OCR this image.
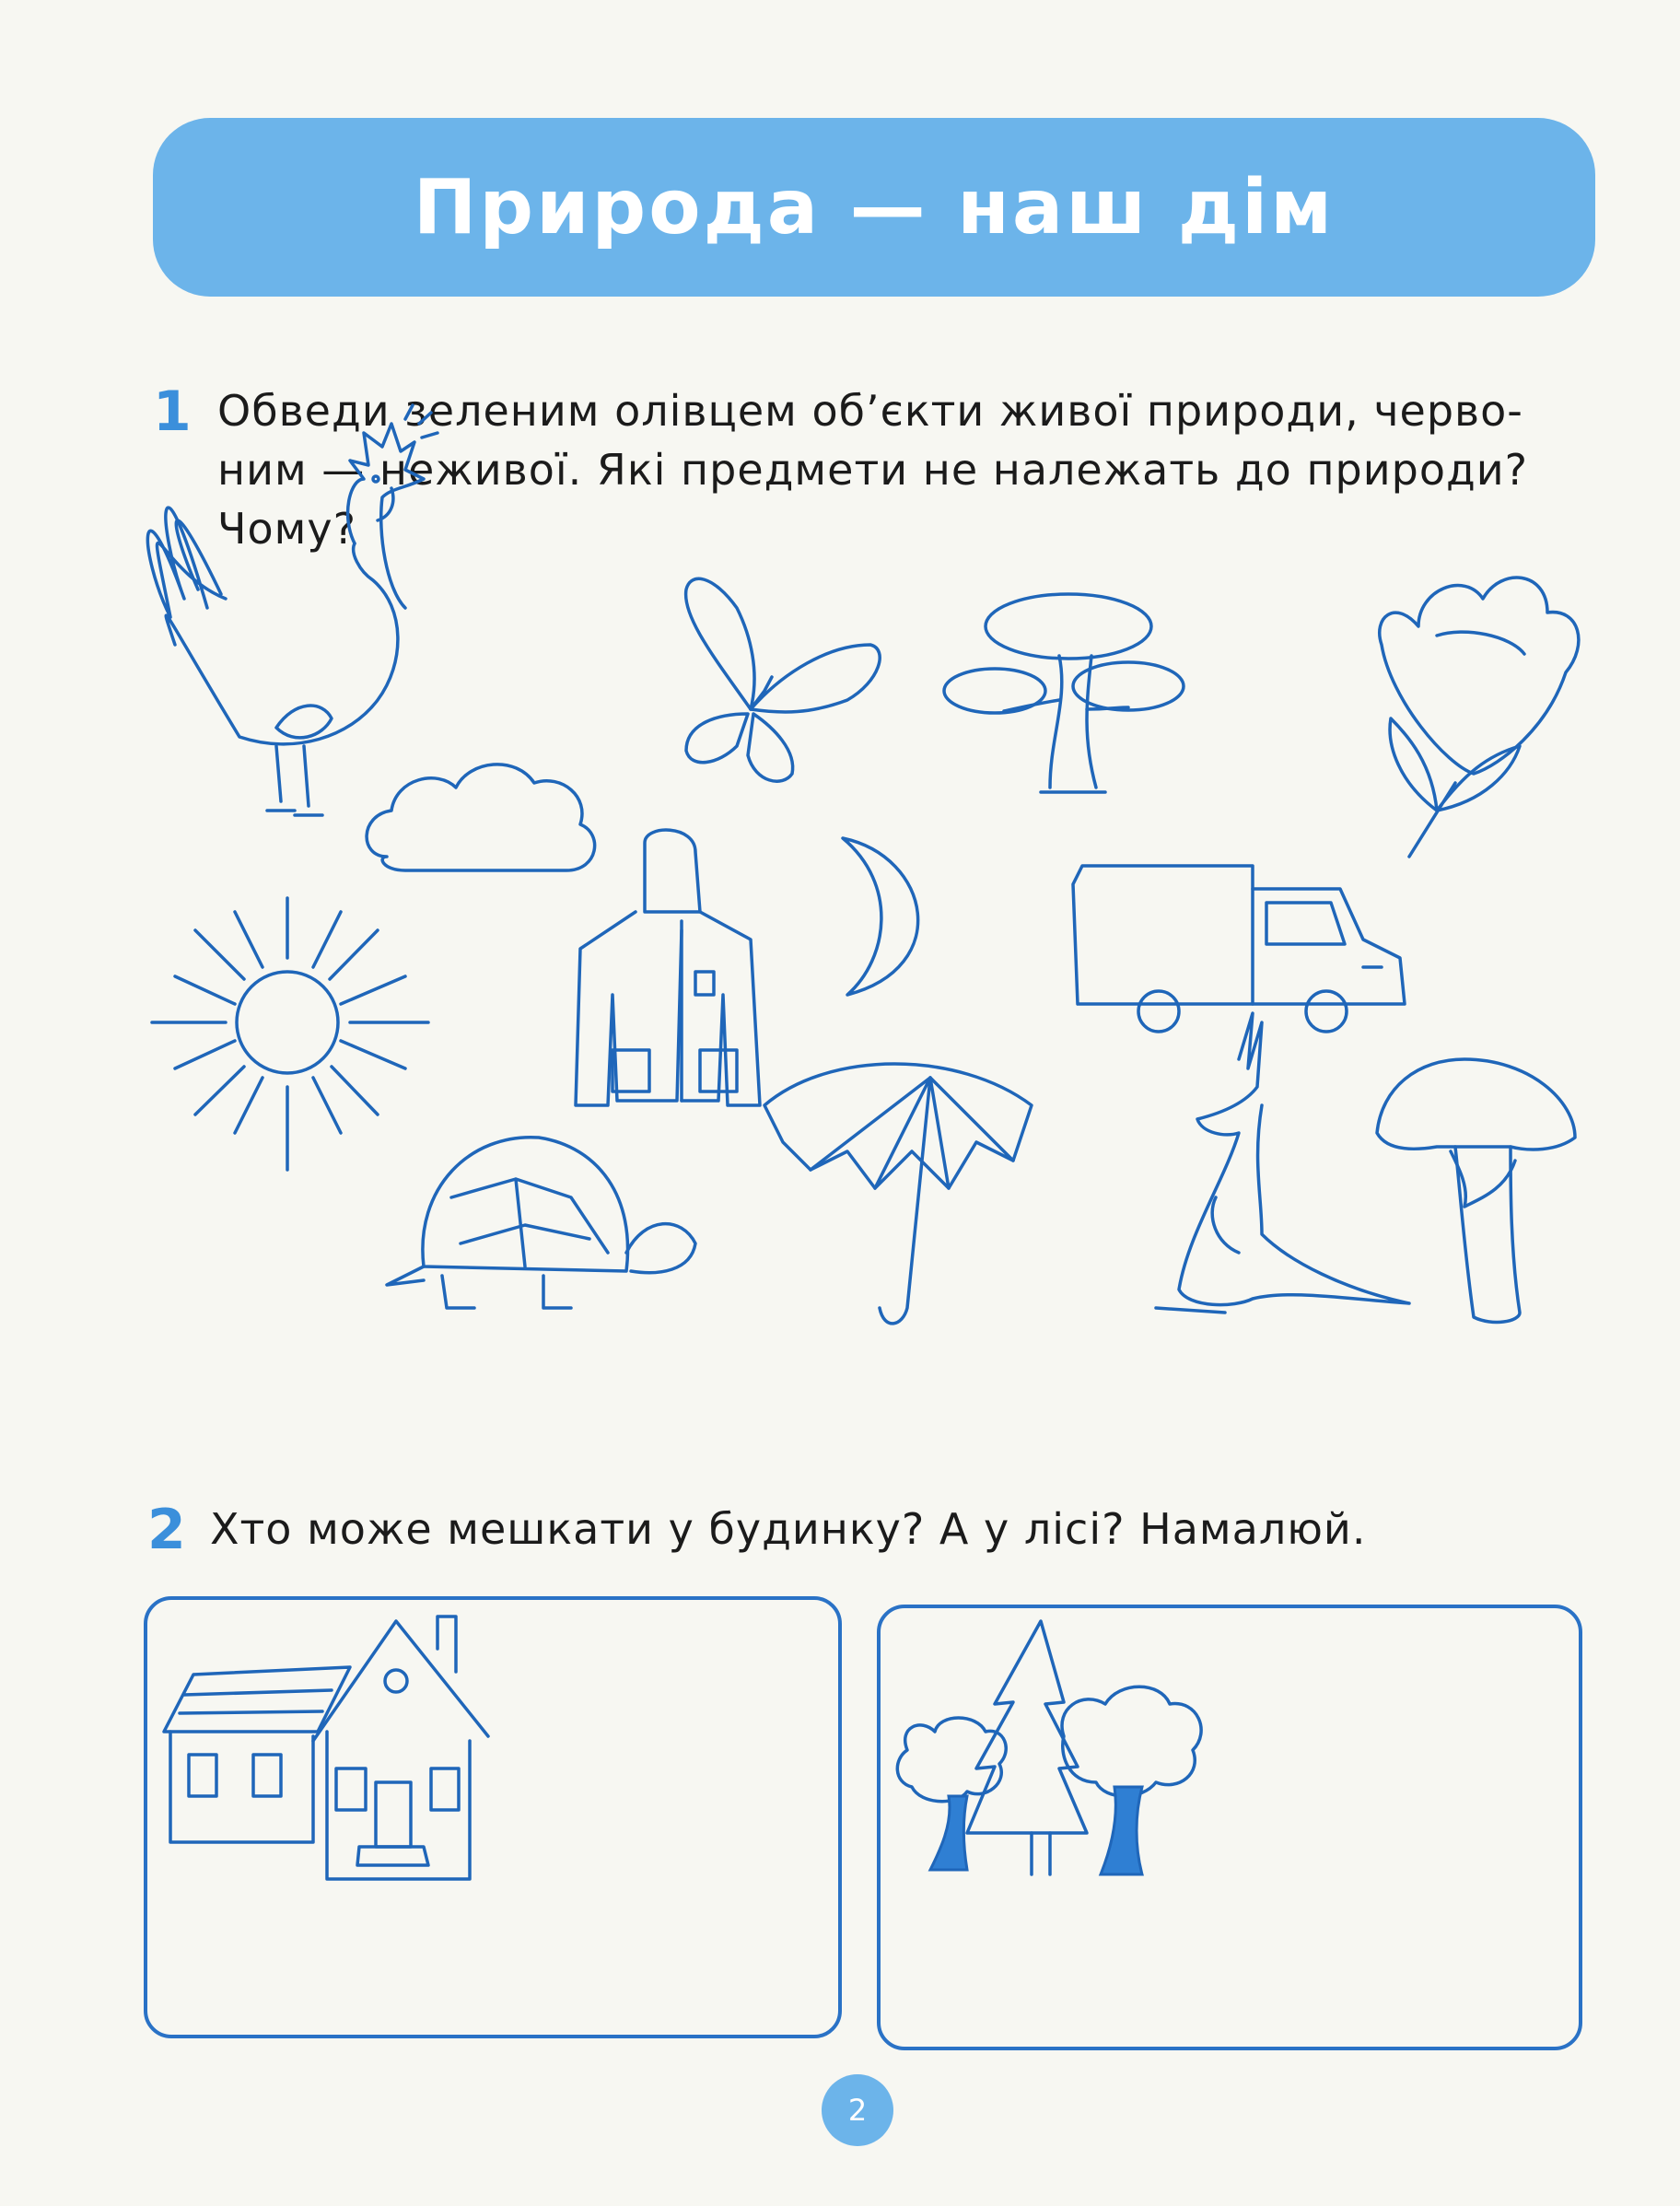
Природа — наш дім
1 Обведи зеленим олівцем об’єкти живої природи, черво-
ним — неживої. Які предмети не належать до природи?
Чому?
2 Хто може мешкати у будинку? А у лісі? Намалюй.
2
